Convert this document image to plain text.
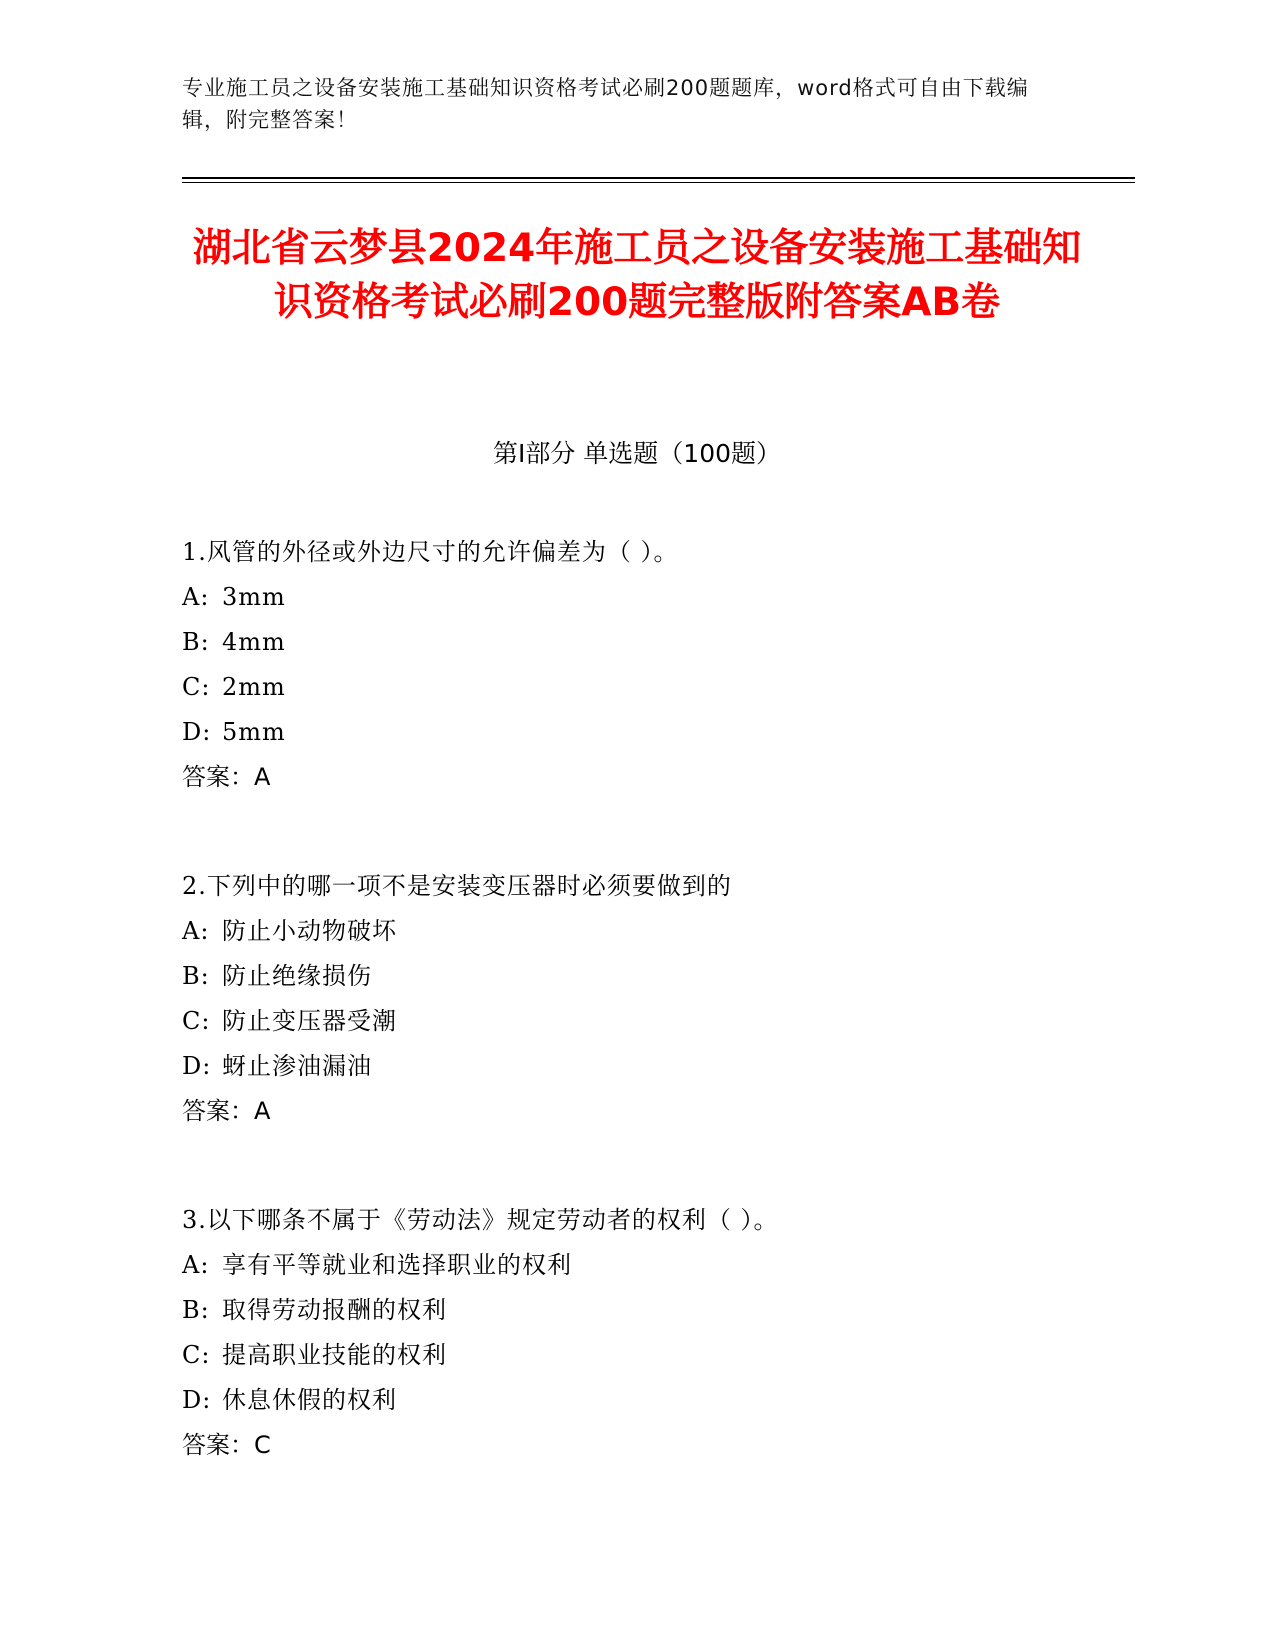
专业施工员之设备安装施工基础知识资格考试必刷200题题库，word格式可自由下载编辑，附完整答案！
湖北省云梦县2024年施工员之设备安装施工基础知识资格考试必刷200题完整版附答案AB卷
第I部分 单选题（100题）
1.风管的外径或外边尺寸的允许偏差为（ ）。
A: 3mm
B: 4mm
C: 2mm
D: 5mm
答案：A
2.下列中的哪一项不是安装变压器时必须要做到的
A: 防止小动物破坏
B: 防止绝缘损伤
C: 防止变压器受潮
D: 蚜止渗油漏油
答案：A
3.以下哪条不属于《劳动法》规定劳动者的权利（ ）。
A: 享有平等就业和选择职业的权利
B: 取得劳动报酬的权利
C: 提高职业技能的权利
D: 休息休假的权利
答案：C
